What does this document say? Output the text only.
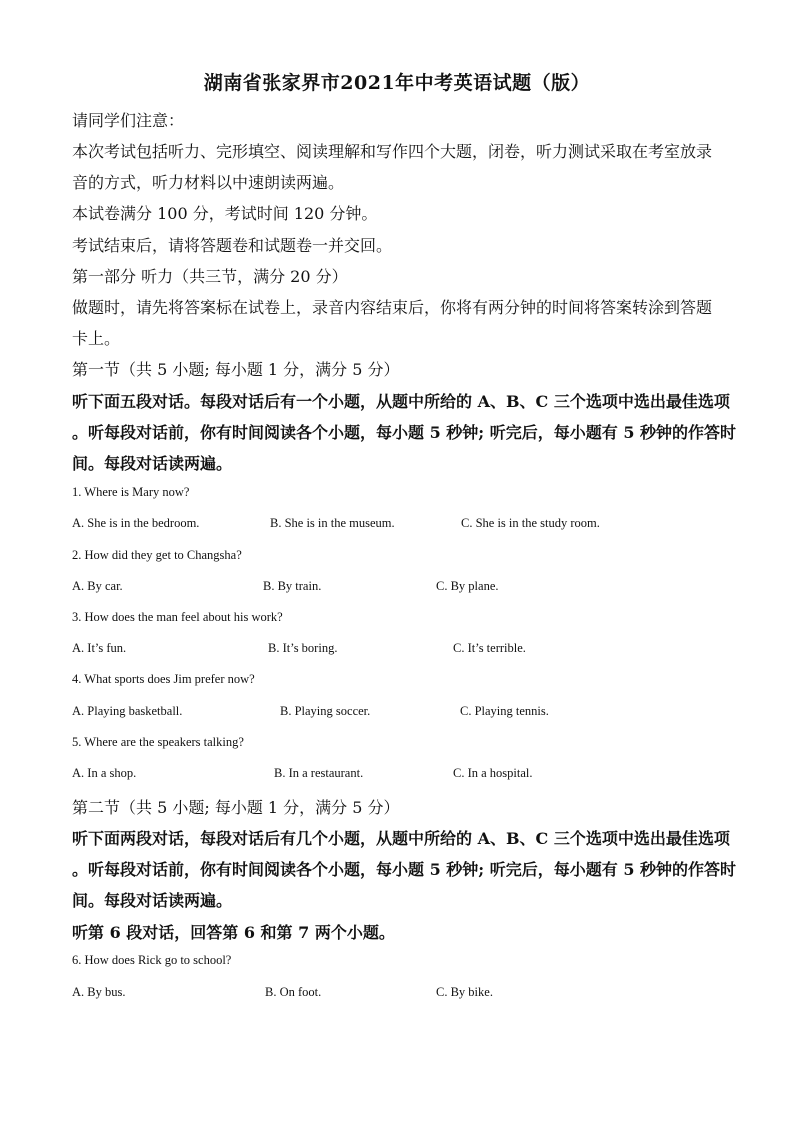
湖南省张家界市2021年中考英语试题（版）
请同学们注意：
本次考试包括听力、完形填空、阅读理解和写作四个大题，闭卷，听力测试采取在考室放录
音的方式，听力材料以中速朗读两遍。
本试卷满分 100 分，考试时间 120 分钟。
考试结束后，请将答题卷和试题卷一并交回。
第一部分 听力（共三节，满分 20 分）
做题时，请先将答案标在试卷上，录音内容结束后，你将有两分钟的时间将答案转涂到答题
卡上。
第一节（共 5 小题; 每小题 1 分，满分 5 分）
听下面五段对话。每段对话后有一个小题，从题中所给的 A、B、C 三个选项中选出最佳选项
。听每段对话前，你有时间阅读各个小题，每小题 5 秒钟; 听完后，每小题有 5 秒钟的作答时
间。每段对话读两遍。
1. Where is Mary now?
A. She is in the bedroom.	B. She is in the museum.	C. She is in the study room.
2. How did they get to Changsha?
A. By car.	B. By train.	C. By plane.
3. How does the man feel about his work?
A. It’s fun.	B. It’s boring.	C. It’s terrible.
4. What sports does Jim prefer now?
A. Playing basketball.	B. Playing soccer.	C. Playing tennis.
5. Where are the speakers talking?
A. In a shop.	B. In a restaurant.	C. In a hospital.
第二节（共 5 小题; 每小题 1 分，满分 5 分）
听下面两段对话，每段对话后有几个小题，从题中所给的 A、B、C 三个选项中选出最佳选项
。听每段对话前，你有时间阅读各个小题，每小题 5 秒钟; 听完后，每小题有 5 秒钟的作答时
间。每段对话读两遍。
听第 6 段对话，回答第 6 和第 7 两个小题。
6. How does Rick go to school?
A. By bus.	B. On foot.	C. By bike.
